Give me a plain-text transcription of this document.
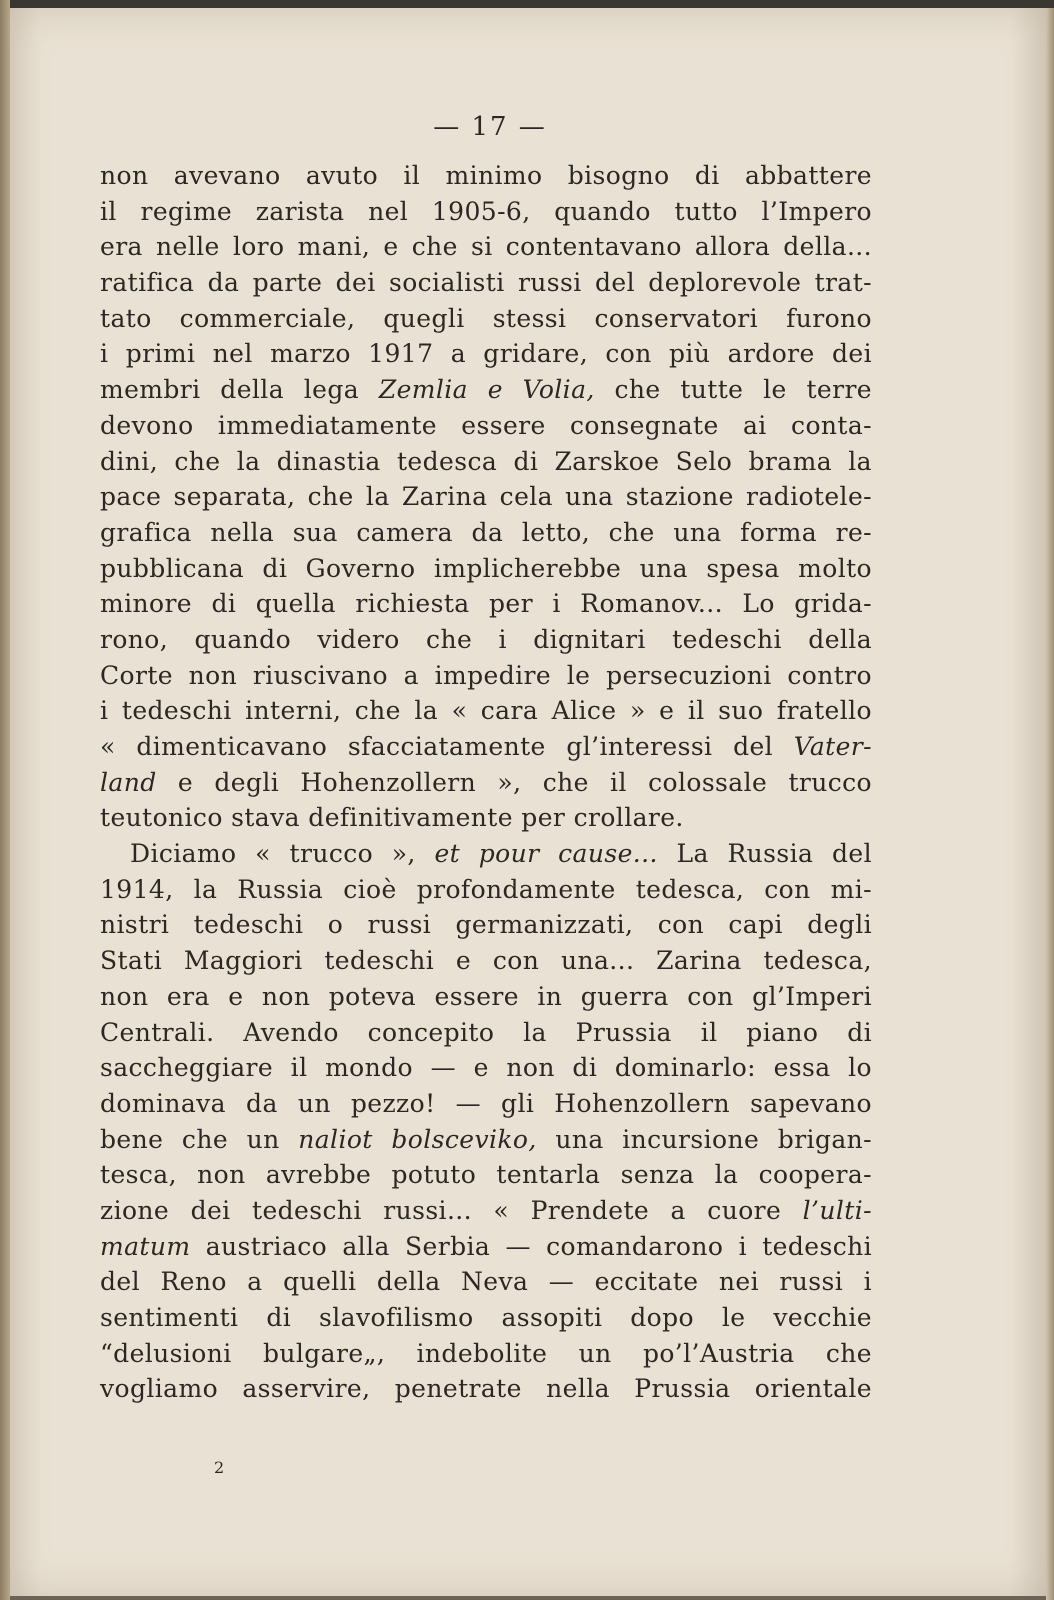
— 17 —
non avevano avuto il minimo bisogno di abbattere
il regime zarista nel 1905-6, quando tutto l’Impero
era nelle loro mani, e che si contentavano allora della...
ratifica da parte dei socialisti russi del deplorevole trat-
tato commerciale, quegli stessi conservatori furono
i primi nel marzo 1917 a gridare, con più ardore dei
membri della lega Zemlia e Volia, che tutte le terre
devono immediatamente essere consegnate ai conta-
dini, che la dinastia tedesca di Zarskoe Selo brama la
pace separata, che la Zarina cela una stazione radiotele-
grafica nella sua camera da letto, che una forma re-
pubblicana di Governo implicherebbe una spesa molto
minore di quella richiesta per i Romanov... Lo grida-
rono, quando videro che i dignitari tedeschi della
Corte non riuscivano a impedire le persecuzioni contro
i tedeschi interni, che la « cara Alice » e il suo fratello
« dimenticavano sfacciatamente gl’interessi del Vater-
land e degli Hohenzollern », che il colossale trucco
teutonico stava definitivamente per crollare.
Diciamo « trucco », et pour cause... La Russia del
1914, la Russia cioè profondamente tedesca, con mi-
nistri tedeschi o russi germanizzati, con capi degli
Stati Maggiori tedeschi e con una... Zarina tedesca,
non era e non poteva essere in guerra con gl’Imperi
Centrali. Avendo concepito la Prussia il piano di
saccheggiare il mondo — e non di dominarlo: essa lo
dominava da un pezzo! — gli Hohenzollern sapevano
bene che un naliot bolsceviko, una incursione brigan-
tesca, non avrebbe potuto tentarla senza la coopera-
zione dei tedeschi russi... « Prendete a cuore l’ulti-
matum austriaco alla Serbia — comandarono i tedeschi
del Reno a quelli della Neva — eccitate nei russi i
sentimenti di slavofilismo assopiti dopo le vecchie
“delusioni bulgare„, indebolite un po’l’Austria che
vogliamo asservire, penetrate nella Prussia orientale
2
